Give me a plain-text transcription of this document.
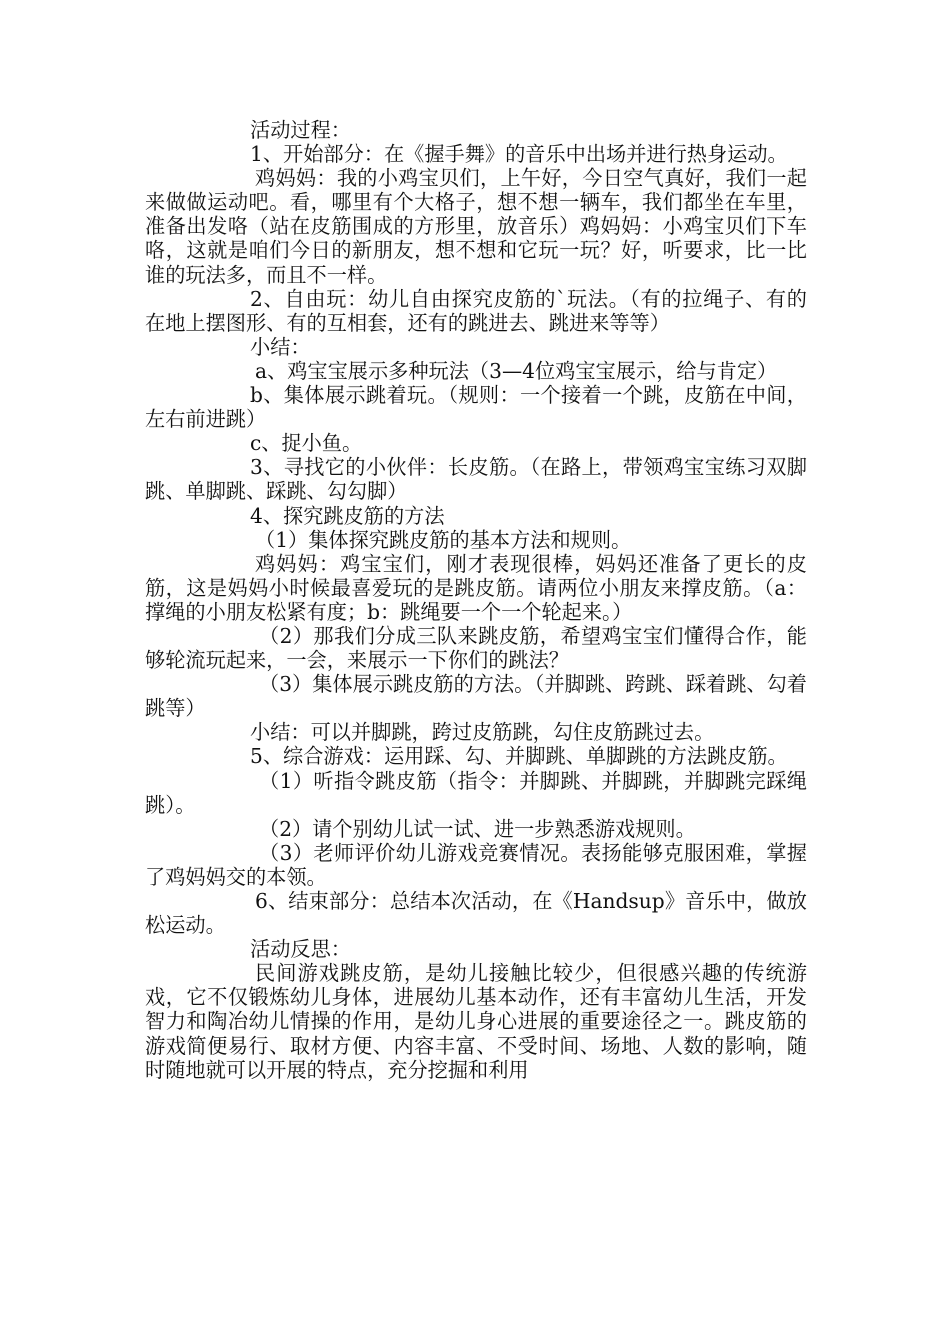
活动过程：

1、开始部分：在《握手舞》的音乐中出场并进行热身运动。

鸡妈妈：我的小鸡宝贝们，上午好，今日空气真好，我们一起来做做运动吧。看，哪里有个大格子，想不想一辆车，我们都坐在车里，准备出发咯（站在皮筋围成的方形里，放音乐）鸡妈妈：小鸡宝贝们下车咯，这就是咱们今日的新朋友，想不想和它玩一玩？好，听要求，比一比谁的玩法多，而且不一样。

2、自由玩：幼儿自由探究皮筋的`玩法。（有的拉绳子、有的在地上摆图形、有的互相套，还有的跳进去、跳进来等等）

小结：

a、鸡宝宝展示多种玩法（3—4位鸡宝宝展示，给与肯定）

b、集体展示跳着玩。（规则：一个接着一个跳，皮筋在中间，左右前进跳）

c、捉小鱼。

3、寻找它的小伙伴：长皮筋。（在路上，带领鸡宝宝练习双脚跳、单脚跳、踩跳、勾勾脚）

4、探究跳皮筋的方法

（1）集体探究跳皮筋的基本方法和规则。

鸡妈妈：鸡宝宝们，刚才表现很棒，妈妈还准备了更长的皮筋，这是妈妈小时候最喜爱玩的是跳皮筋。请两位小朋友来撑皮筋。（a：撑绳的小朋友松紧有度；b：跳绳要一个一个轮起来。）

（2）那我们分成三队来跳皮筋，希望鸡宝宝们懂得合作，能够轮流玩起来，一会，来展示一下你们的跳法？

（3）集体展示跳皮筋的方法。（并脚跳、跨跳、踩着跳、勾着跳等）

小结：可以并脚跳，跨过皮筋跳，勾住皮筋跳过去。

5、综合游戏：运用踩、勾、并脚跳、单脚跳的方法跳皮筋。

（1）听指令跳皮筋（指令：并脚跳、并脚跳，并脚跳完踩绳跳）。

（2）请个别幼儿试一试、进一步熟悉游戏规则。

（3）老师评价幼儿游戏竞赛情况。表扬能够克服困难，掌握了鸡妈妈交的本领。

6、结束部分：总结本次活动，在《Handsup》音乐中，做放松运动。

活动反思：

民间游戏跳皮筋，是幼儿接触比较少，但很感兴趣的传统游戏，它不仅锻炼幼儿身体，进展幼儿基本动作，还有丰富幼儿生活，开发智力和陶冶幼儿情操的作用，是幼儿身心进展的重要途径之一。跳皮筋的游戏简便易行、取材方便、内容丰富、不受时间、场地、人数的影响，随时随地就可以开展的特点，充分挖掘和利用
